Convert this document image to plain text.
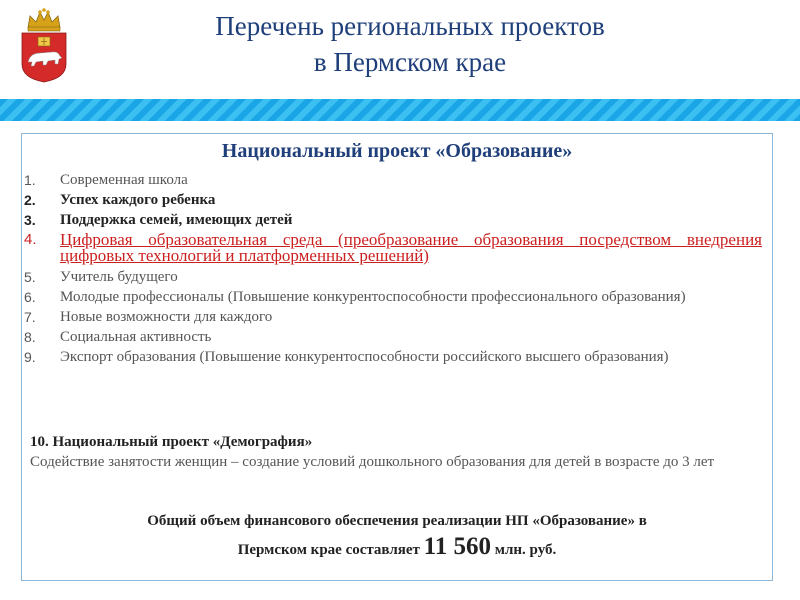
Перечень региональных проектов
в Пермском крае
Национальный проект «Образование»
1. Современная школа
2. Успех каждого ребенка
3. Поддержка семей, имеющих детей
4. Цифровая образовательная среда (преобразование образования посредством внедрения цифровых технологий и платформенных решений)
5. Учитель будущего
6. Молодые профессионалы (Повышение конкурентоспособности профессионального образования)
7. Новые возможности для каждого
8. Социальная активность
9. Экспорт образования (Повышение конкурентоспособности российского высшего образования)
10. Национальный проект «Демография»
Содействие занятости женщин – создание условий дошкольного образования для детей в возрасте до 3 лет
Общий объем финансового обеспечения реализации НП «Образование» в
Пермском крае составляет 11 560 млн. руб.
